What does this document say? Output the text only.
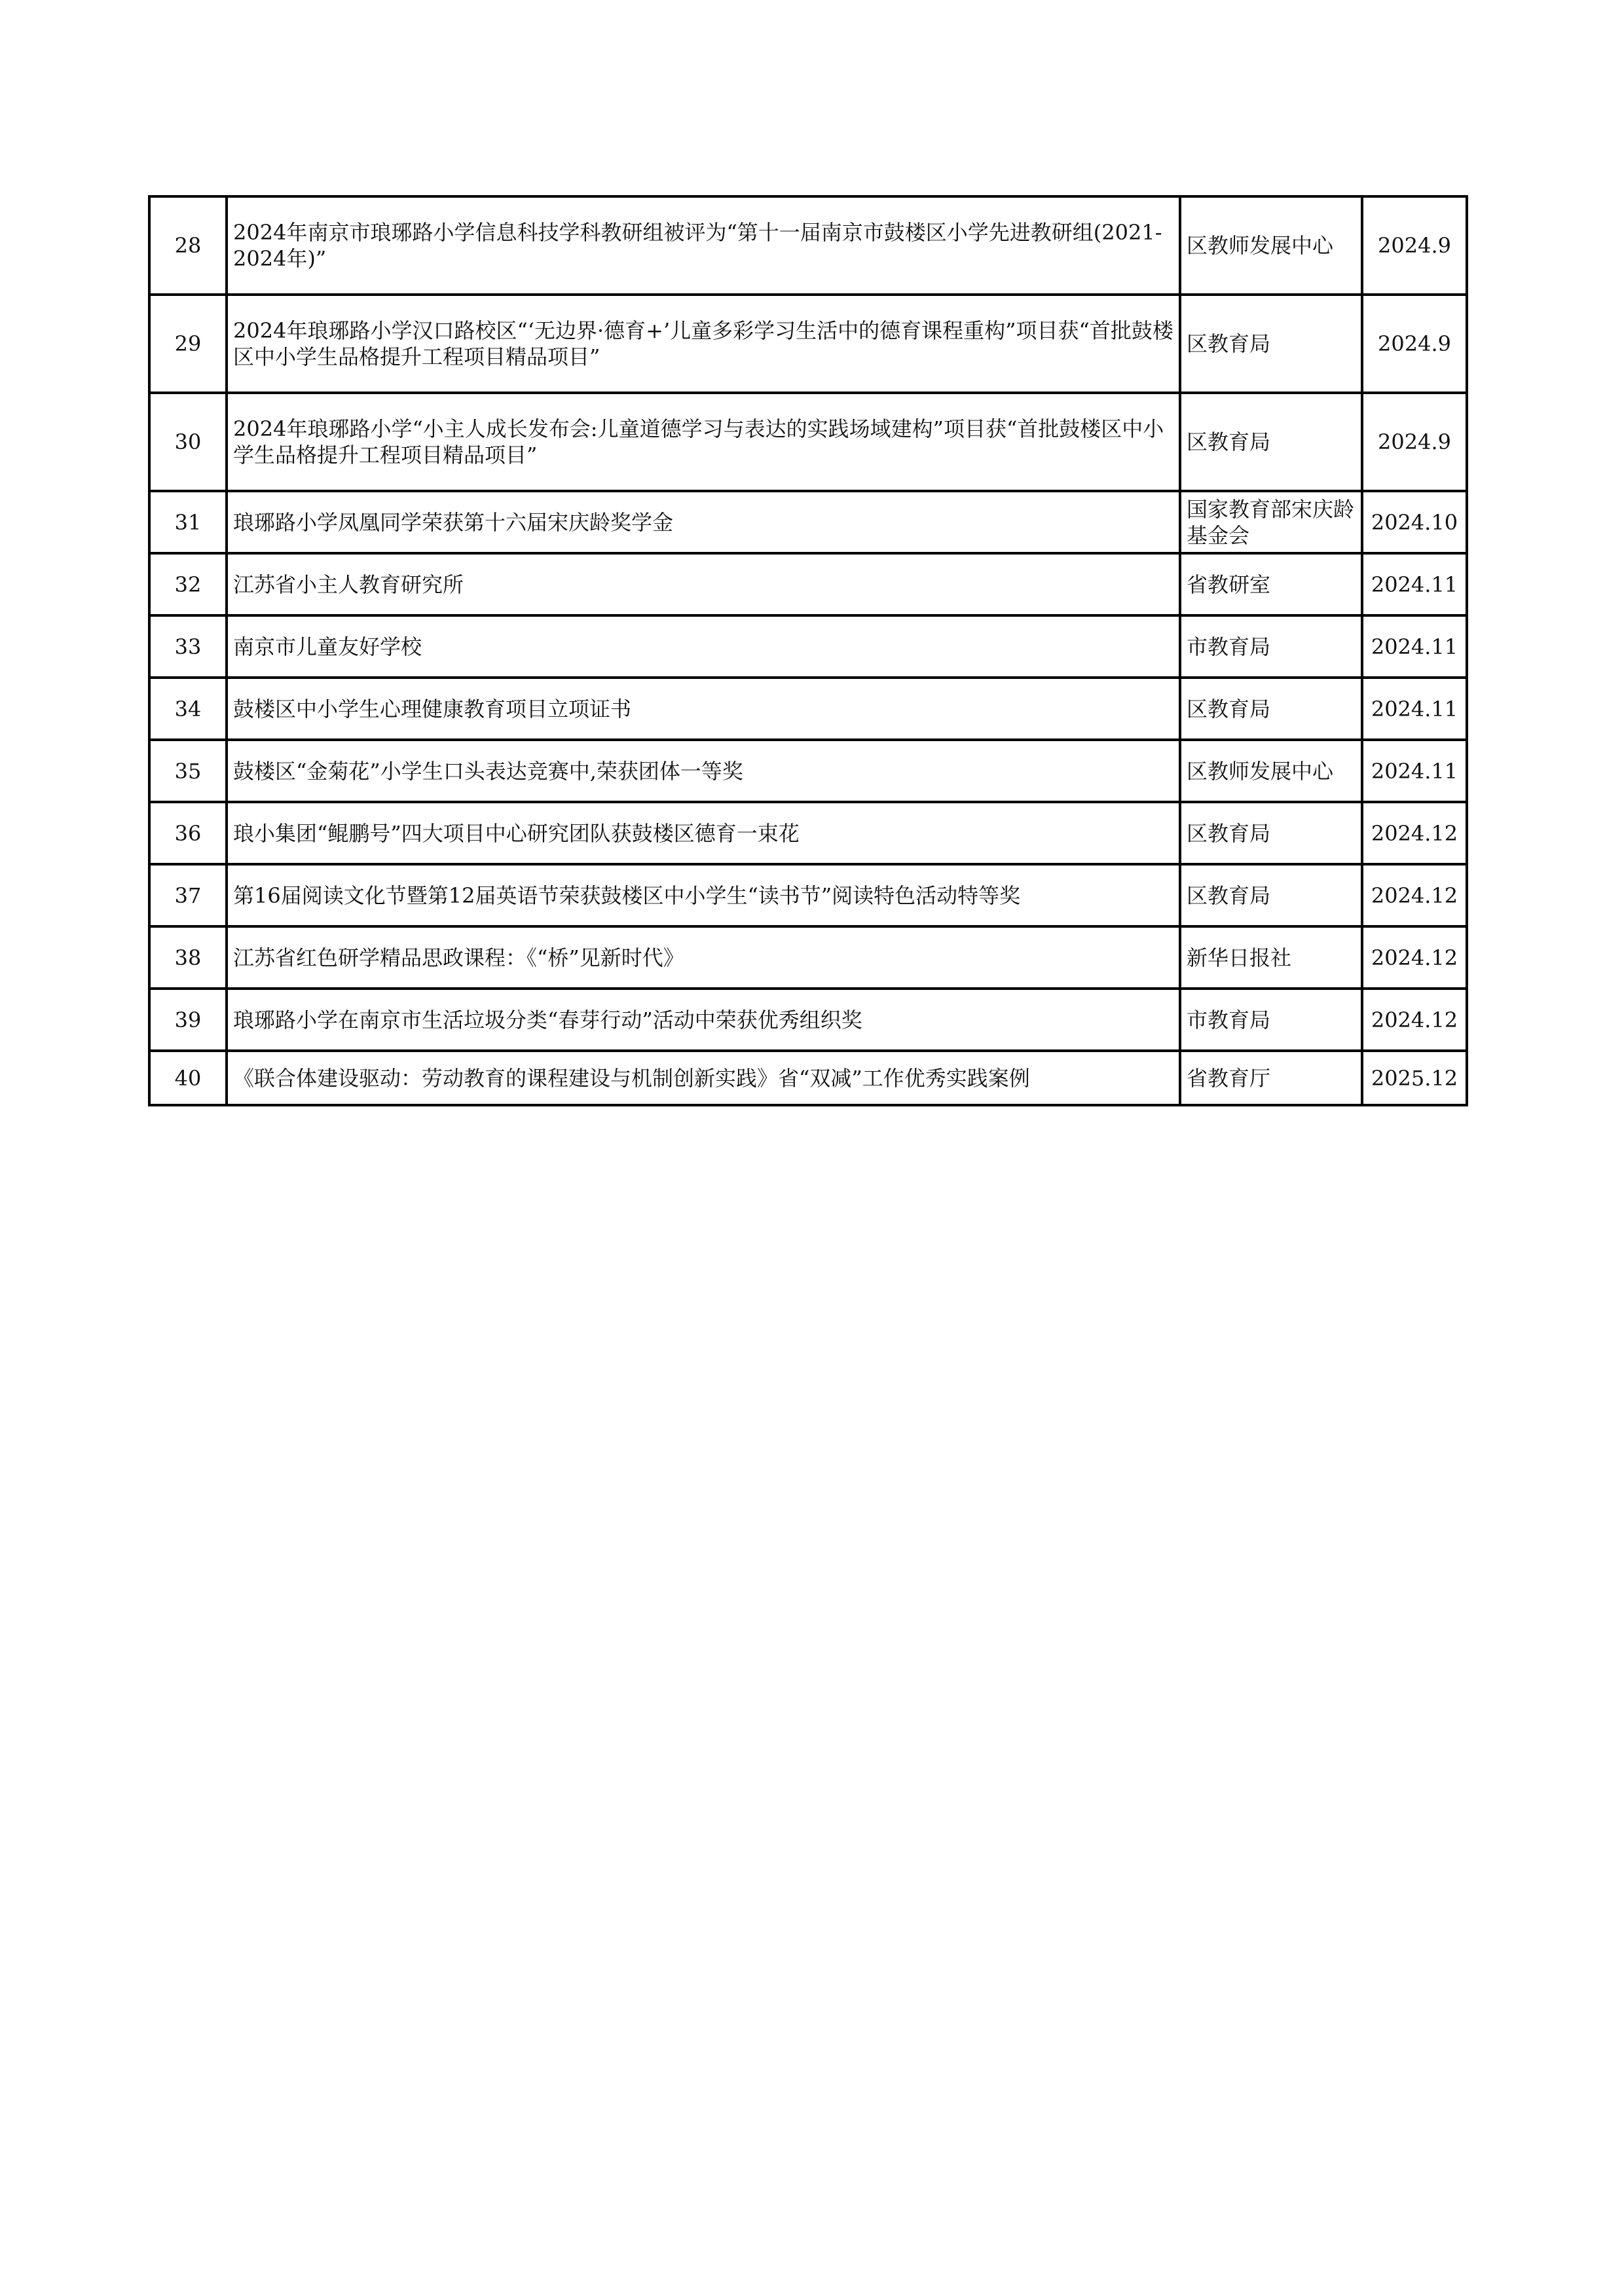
28	2024年南京市琅琊路小学信息科技学科教研组被评为“第十一届南京市鼓楼区小学先进教研组(2021-2024年)”	区教师发展中心	2024.9
29	2024年琅琊路小学汉口路校区“‘无边界·德育+’儿童多彩学习生活中的德育课程重构”项目获“首批鼓楼区中小学生品格提升工程项目精品项目”	区教育局	2024.9
30	2024年琅琊路小学“小主人成长发布会:儿童道德学习与表达的实践场域建构”项目获“首批鼓楼区中小学生品格提升工程项目精品项目”	区教育局	2024.9
31	琅琊路小学凤凰同学荣获第十六届宋庆龄奖学金	国家教育部宋庆龄基金会	2024.10
32	江苏省小主人教育研究所	省教研室	2024.11
33	南京市儿童友好学校	市教育局	2024.11
34	鼓楼区中小学生心理健康教育项目立项证书	区教育局	2024.11
35	鼓楼区“金菊花”小学生口头表达竞赛中,荣获团体一等奖	区教师发展中心	2024.11
36	琅小集团“鲲鹏号”四大项目中心研究团队获鼓楼区德育一束花	区教育局	2024.12
37	第16届阅读文化节暨第12届英语节荣获鼓楼区中小学生“读书节”阅读特色活动特等奖	区教育局	2024.12
38	江苏省红色研学精品思政课程：《“桥”见新时代》	新华日报社	2024.12
39	琅琊路小学在南京市生活垃圾分类“春芽行动”活动中荣获优秀组织奖	市教育局	2024.12
40	《联合体建设驱动：劳动教育的课程建设与机制创新实践》省“双减”工作优秀实践案例	省教育厅	2025.12
